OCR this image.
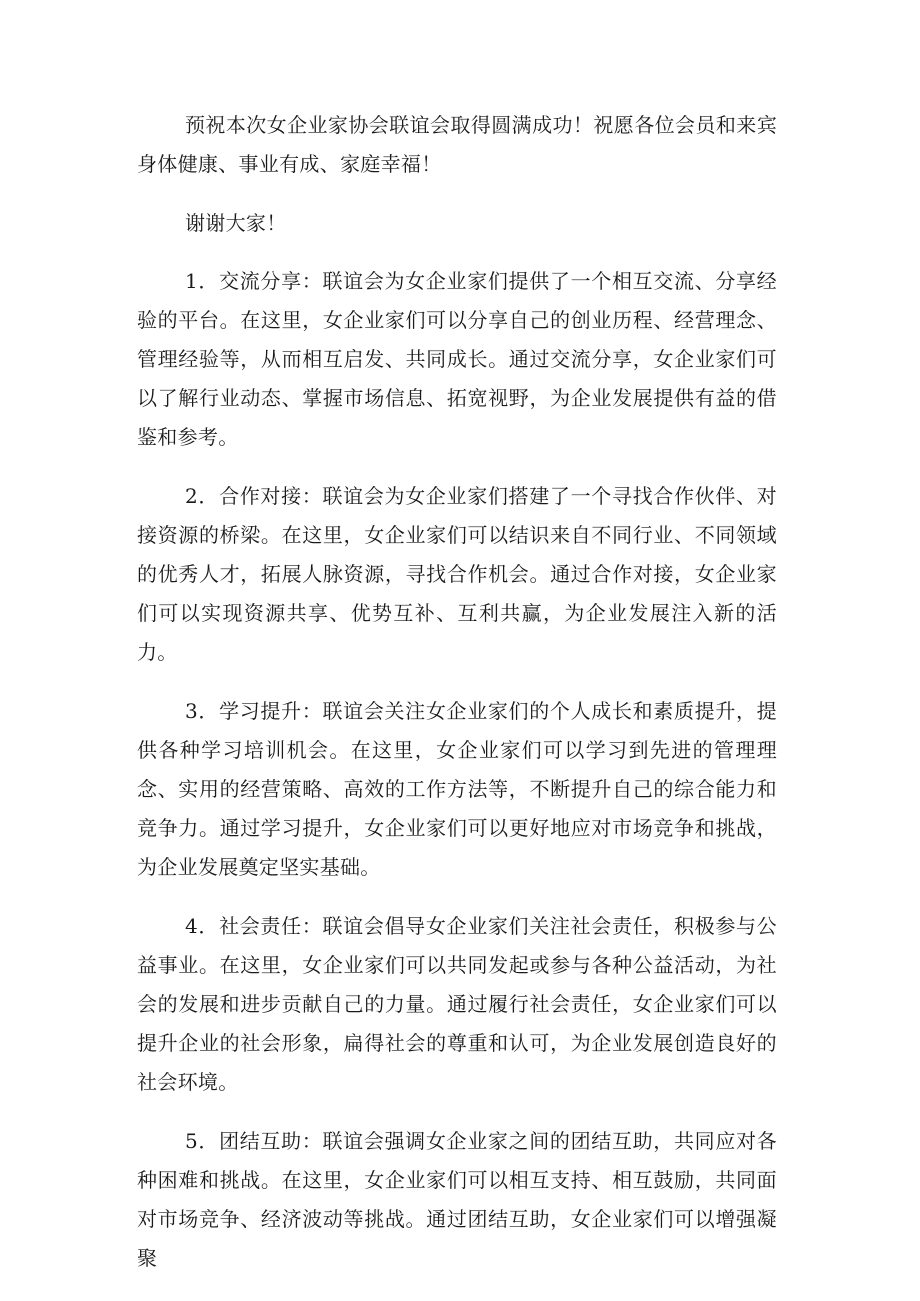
预祝本次女企业家协会联谊会取得圆满成功！祝愿各位会员和来宾身体健康、事业有成、家庭幸福！

谢谢大家！

1．交流分享：联谊会为女企业家们提供了一个相互交流、分享经验的平台。在这里，女企业家们可以分享自己的创业历程、经营理念、管理经验等，从而相互启发、共同成长。通过交流分享，女企业家们可以了解行业动态、掌握市场信息、拓宽视野，为企业发展提供有益的借鉴和参考。

2．合作对接：联谊会为女企业家们搭建了一个寻找合作伙伴、对接资源的桥梁。在这里，女企业家们可以结识来自不同行业、不同领域的优秀人才，拓展人脉资源，寻找合作机会。通过合作对接，女企业家们可以实现资源共享、优势互补、互利共赢，为企业发展注入新的活力。

3．学习提升：联谊会关注女企业家们的个人成长和素质提升，提供各种学习培训机会。在这里，女企业家们可以学习到先进的管理理念、实用的经营策略、高效的工作方法等，不断提升自己的综合能力和竞争力。通过学习提升，女企业家们可以更好地应对市场竞争和挑战，为企业发展奠定坚实基础。

4．社会责任：联谊会倡导女企业家们关注社会责任，积极参与公益事业。在这里，女企业家们可以共同发起或参与各种公益活动，为社会的发展和进步贡献自己的力量。通过履行社会责任，女企业家们可以提升企业的社会形象，扁得社会的尊重和认可，为企业发展创造良好的社会环境。

5．团结互助：联谊会强调女企业家之间的团结互助，共同应对各种困难和挑战。在这里，女企业家们可以相互支持、相互鼓励，共同面对市场竞争、经济波动等挑战。通过团结互助，女企业家们可以增强凝聚
